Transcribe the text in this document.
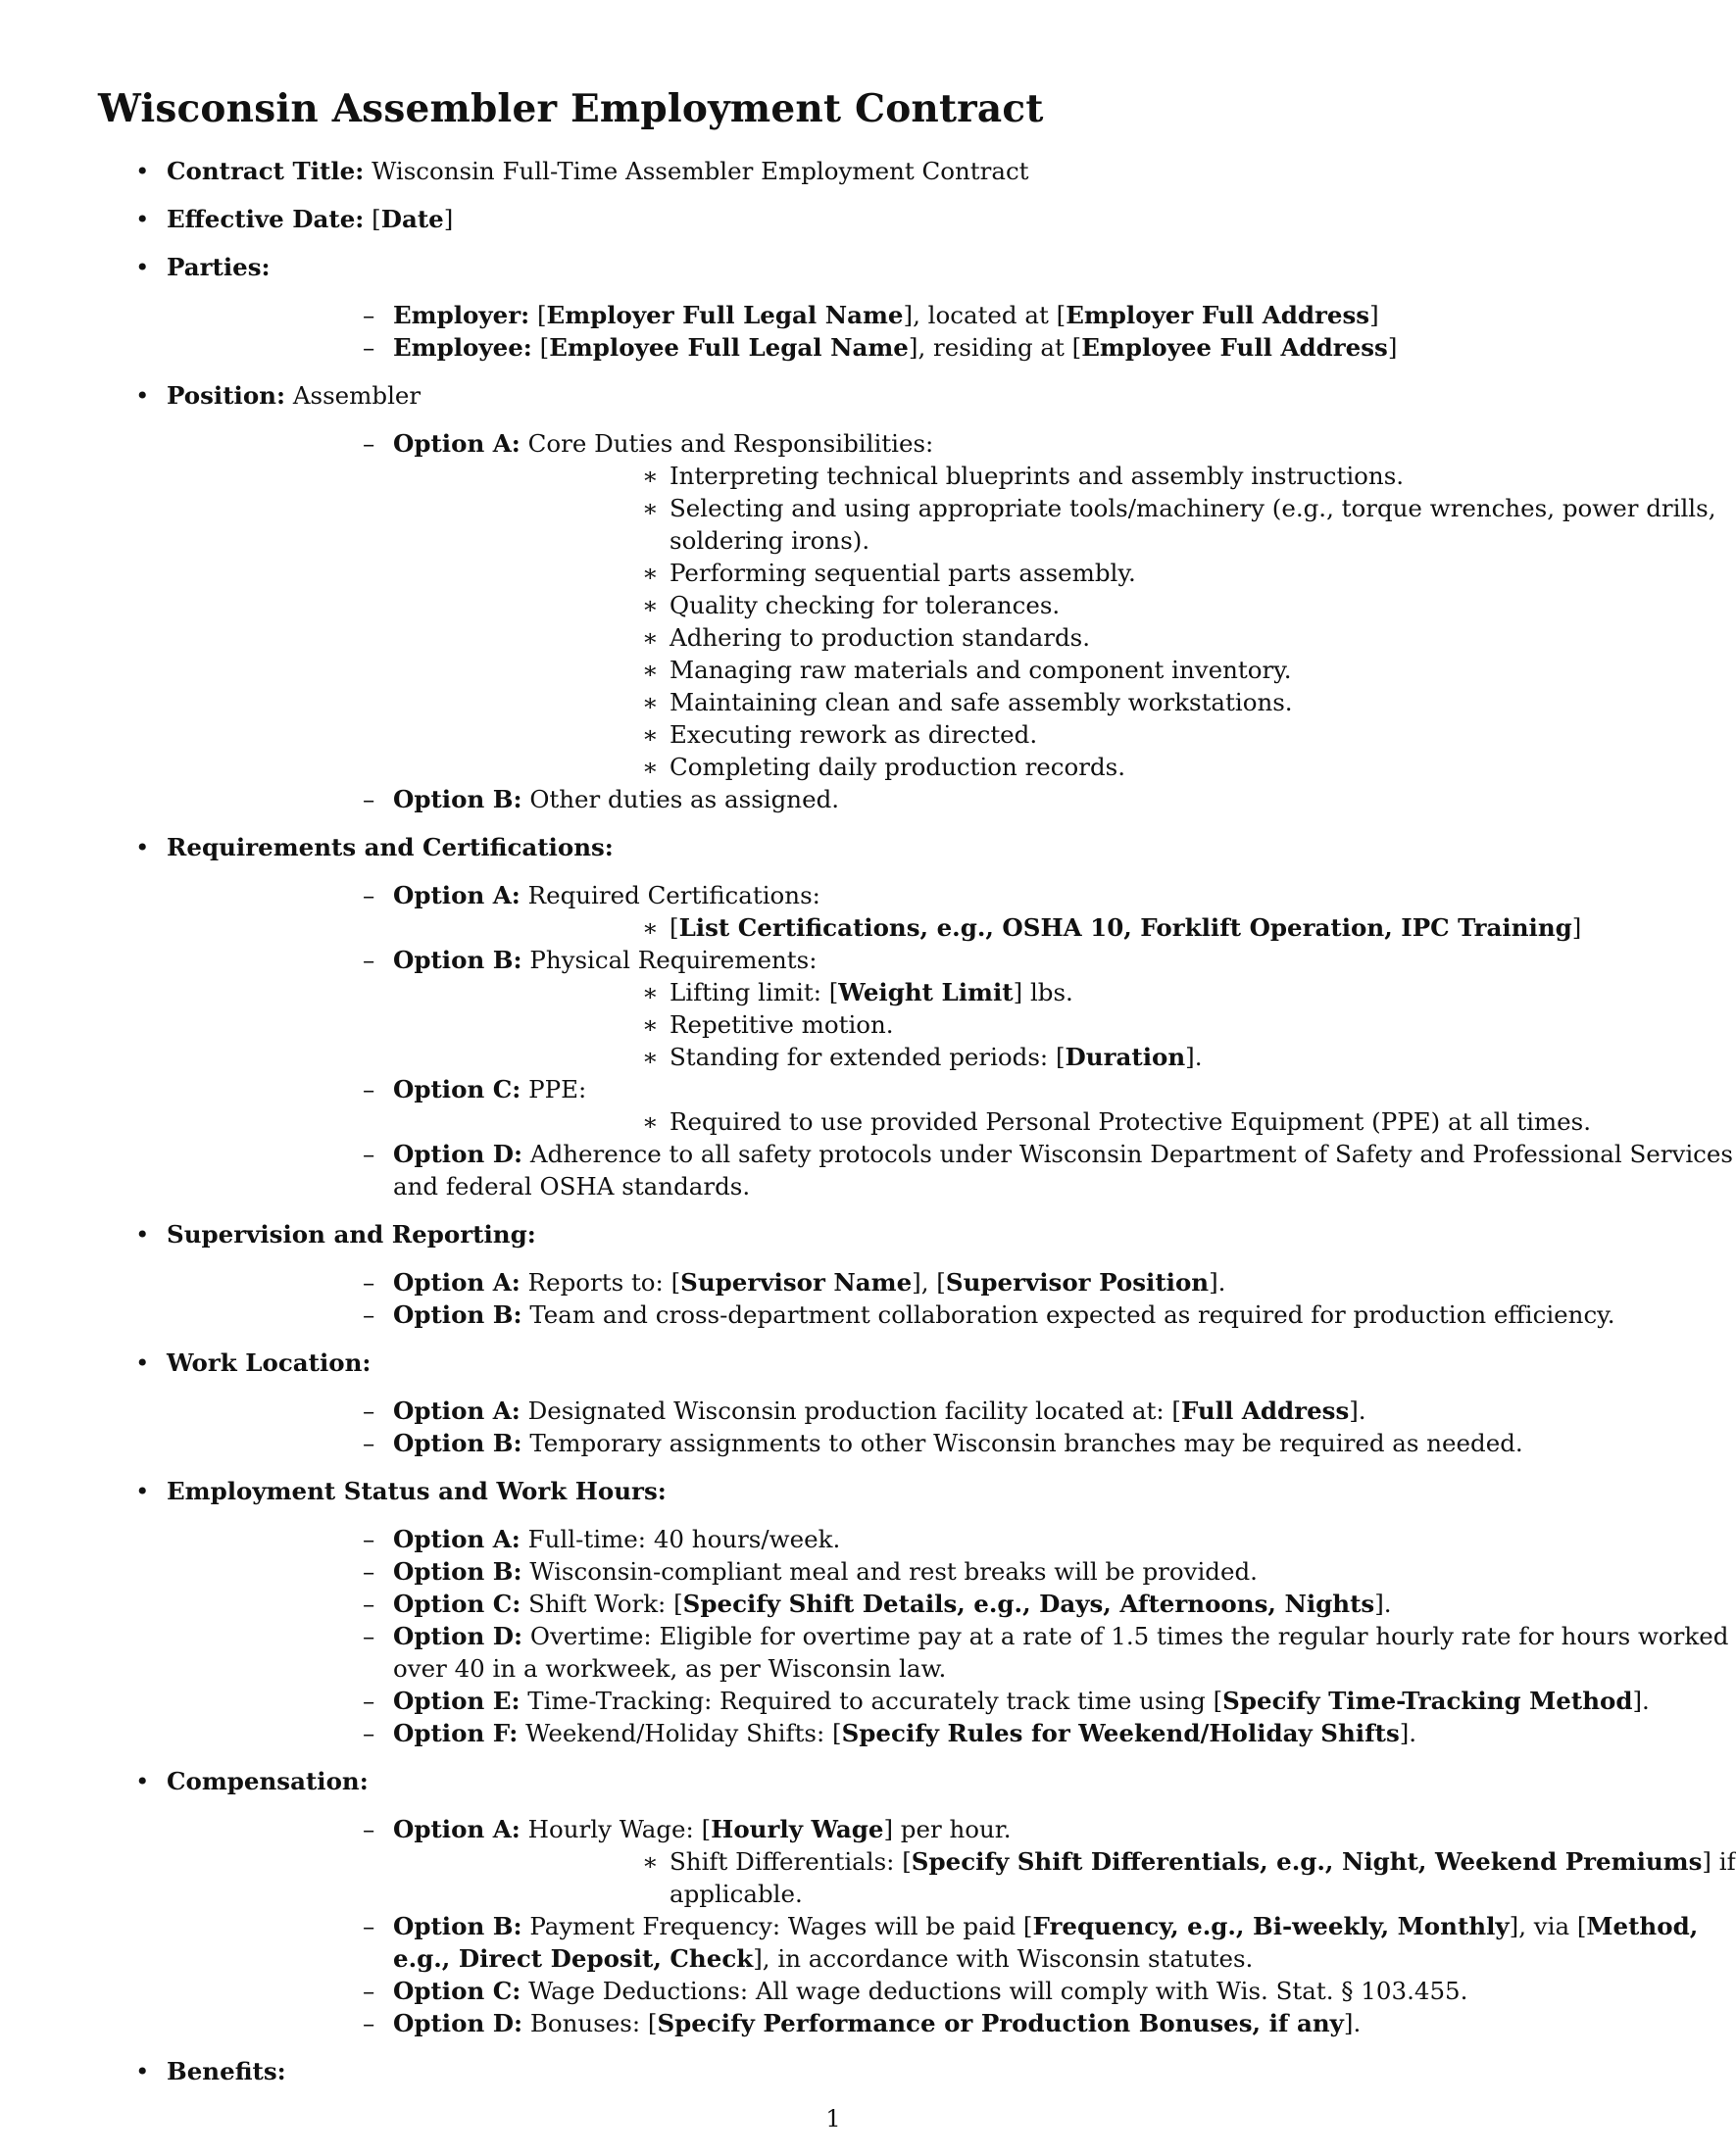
Wisconsin Assembler Employment Contract
• Contract Title: Wisconsin Full-Time Assembler Employment Contract
• Effective Date: [Date]
• Parties:
– Employer: [Employer Full Legal Name], located at [Employer Full Address]
– Employee: [Employee Full Legal Name], residing at [Employee Full Address]
• Position: Assembler
– Option A: Core Duties and Responsibilities:
∗ Interpreting technical blueprints and assembly instructions.
∗ Selecting and using appropriate tools/machinery (e.g., torque wrenches, power drills, soldering irons).
∗ Performing sequential parts assembly.
∗ Quality checking for tolerances.
∗ Adhering to production standards.
∗ Managing raw materials and component inventory.
∗ Maintaining clean and safe assembly workstations.
∗ Executing rework as directed.
∗ Completing daily production records.
– Option B: Other duties as assigned.
• Requirements and Certifications:
– Option A: Required Certifications:
∗ [List Certifications, e.g., OSHA 10, Forklift Operation, IPC Training]
– Option B: Physical Requirements:
∗ Lifting limit: [Weight Limit] lbs.
∗ Repetitive motion.
∗ Standing for extended periods: [Duration].
– Option C: PPE:
∗ Required to use provided Personal Protective Equipment (PPE) at all times.
– Option D: Adherence to all safety protocols under Wisconsin Department of Safety and Professional Services and federal OSHA standards.
• Supervision and Reporting:
– Option A: Reports to: [Supervisor Name], [Supervisor Position].
– Option B: Team and cross-department collaboration expected as required for production efficiency.
• Work Location:
– Option A: Designated Wisconsin production facility located at: [Full Address].
– Option B: Temporary assignments to other Wisconsin branches may be required as needed.
• Employment Status and Work Hours:
– Option A: Full-time: 40 hours/week.
– Option B: Wisconsin-compliant meal and rest breaks will be provided.
– Option C: Shift Work: [Specify Shift Details, e.g., Days, Afternoons, Nights].
– Option D: Overtime: Eligible for overtime pay at a rate of 1.5 times the regular hourly rate for hours worked over 40 in a workweek, as per Wisconsin law.
– Option E: Time-Tracking: Required to accurately track time using [Specify Time-Tracking Method].
– Option F: Weekend/Holiday Shifts: [Specify Rules for Weekend/Holiday Shifts].
• Compensation:
– Option A: Hourly Wage: [Hourly Wage] per hour.
∗ Shift Differentials: [Specify Shift Differentials, e.g., Night, Weekend Premiums] if applicable.
– Option B: Payment Frequency: Wages will be paid [Frequency, e.g., Bi-weekly, Monthly], via [Method, e.g., Direct Deposit, Check], in accordance with Wisconsin statutes.
– Option C: Wage Deductions: All wage deductions will comply with Wis. Stat. § 103.455.
– Option D: Bonuses: [Specify Performance or Production Bonuses, if any].
• Benefits:
1
